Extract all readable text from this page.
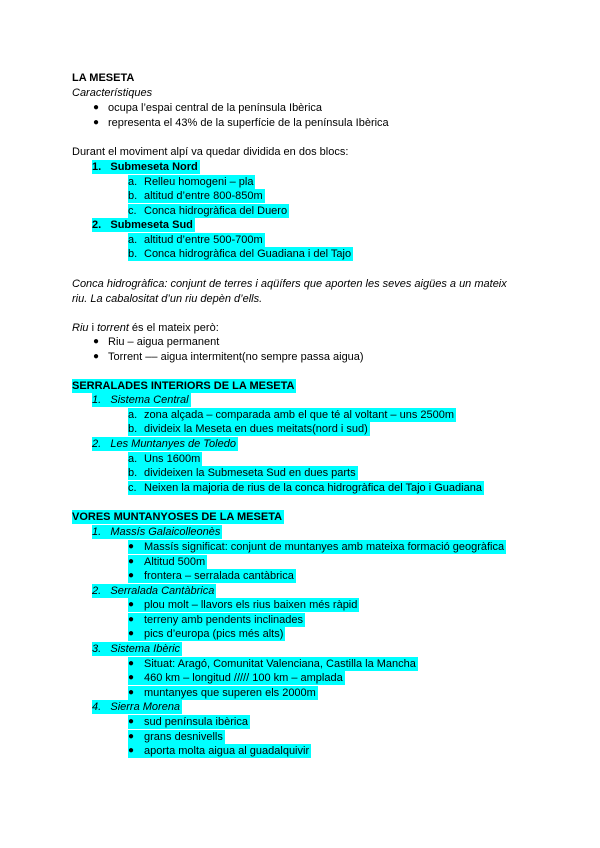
LA MESETA
Característiques
● ocupa l’espai central de la península Ibèrica
● representa el 43% de la superfície de la península Ibèrica
Durant el moviment alpí va quedar dividida en dos blocs:
1. Submeseta Nord
a. Relleu homogeni – pla
b. altitud d’entre 800-850m
c. Conca hidrogràfica del Duero
2. Submeseta Sud
a. altitud d’entre 500-700m
b. Conca hidrogràfica del Guadiana i del Tajo
Conca hidrogràfica: conjunt de terres i aqüífers que aporten les seves aigües a un mateix
riu. La cabalositat d’un riu depèn d’ells.
Riu i torrent és el mateix però:
● Riu – aigua permanent
● Torrent –– aigua intermitent(no sempre passa aigua)
SERRALADES INTERIORS DE LA MESETA
1. Sistema Central
a. zona alçada – comparada amb el que té al voltant – uns 2500m
b. divideix la Meseta en dues meitats(nord i sud)
2. Les Muntanyes de Toledo
a. Uns 1600m
b. divideixen la Submeseta Sud en dues parts
c. Neixen la majoria de rius de la conca hidrogràfica del Tajo i Guadiana
VORES MUNTANYOSES DE LA MESETA
1. Massís Galaicolleonès
● Massís significat: conjunt de muntanyes amb mateixa formació geogràfica
● Altitud 500m
● frontera – serralada cantàbrica
2. Serralada Cantàbrica
● plou molt – llavors els rius baixen més ràpid
● terreny amb pendents inclinades
● pics d’europa (pics més alts)
3. Sistema Ibèric
● Situat: Aragó, Comunitat Valenciana, Castilla la Mancha
● 460 km – longitud ///// 100 km – amplada
● muntanyes que superen els 2000m
4. Sierra Morena
● sud península ibèrica
● grans desnivells
● aporta molta aigua al guadalquivir
